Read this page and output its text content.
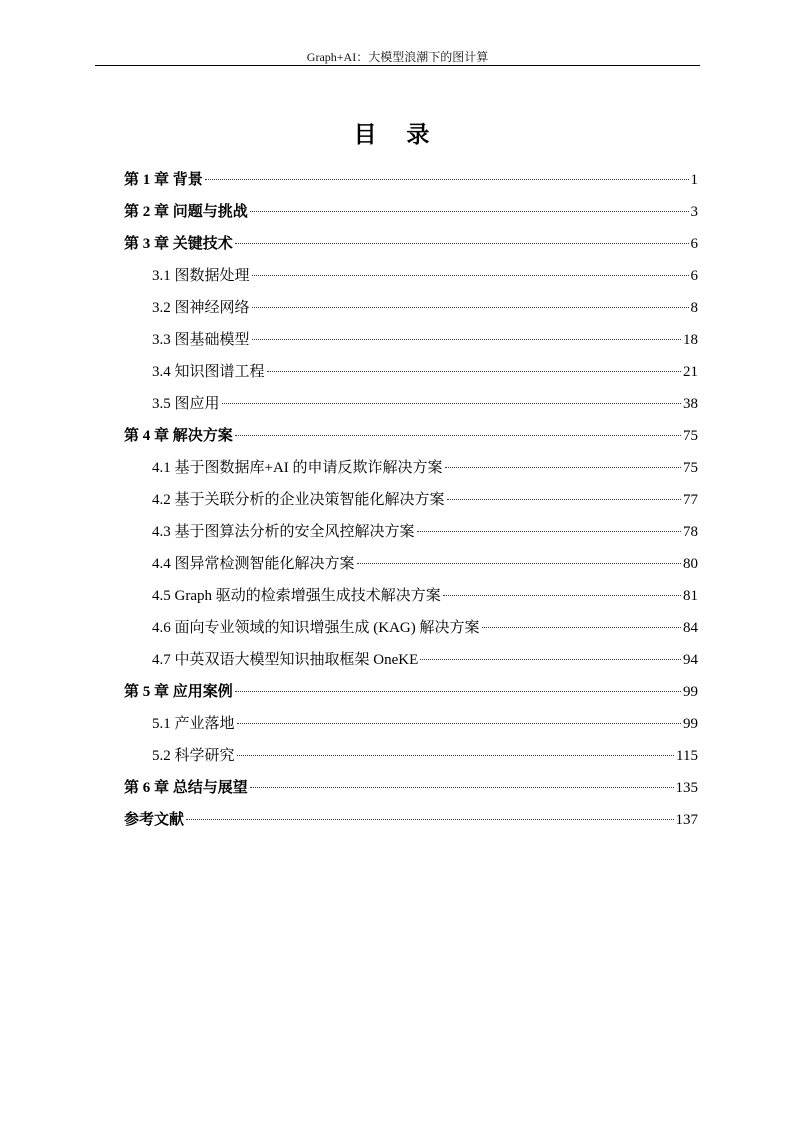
Graph+AI：大模型浪潮下的图计算
目 录
第 1 章 背景	1
第 2 章 问题与挑战	3
第 3 章 关键技术	6
3.1 图数据处理	6
3.2 图神经网络	8
3.3 图基础模型	18
3.4 知识图谱工程	21
3.5 图应用	38
第 4 章 解决方案	75
4.1 基于图数据库+AI 的申请反欺诈解决方案	75
4.2 基于关联分析的企业决策智能化解决方案	77
4.3 基于图算法分析的安全风控解决方案	78
4.4 图异常检测智能化解决方案	80
4.5 Graph 驱动的检索增强生成技术解决方案	81
4.6 面向专业领域的知识增强生成 (KAG) 解决方案	84
4.7 中英双语大模型知识抽取框架 OneKE	94
第 5 章 应用案例	99
5.1 产业落地	99
5.2 科学研究	115
第 6 章 总结与展望	135
参考文献	137
